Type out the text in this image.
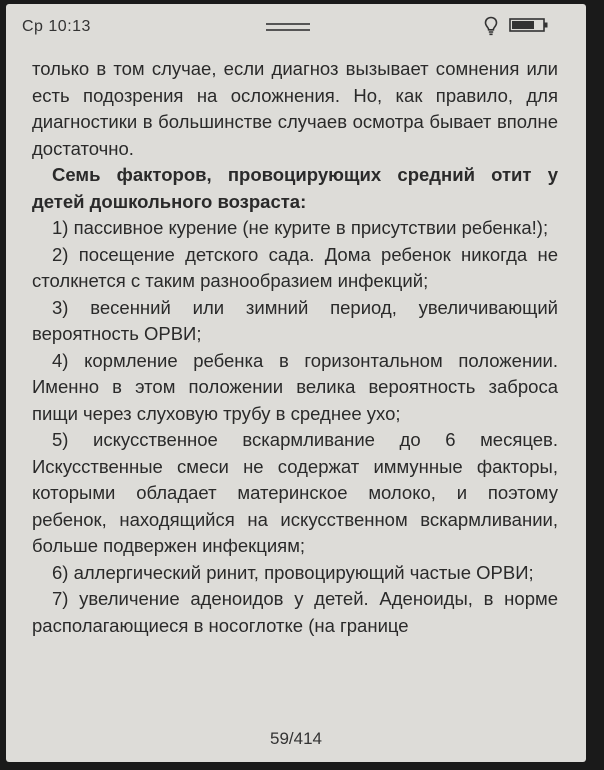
Ср 10:13

только в том случае, если диагноз вызывает сомнения или есть подозрения на осложнения. Но, как правило, для диагностики в большинстве случаев осмотра бывает вполне достаточно.

Семь факторов, провоцирующих средний отит у детей дошкольного возраста:

1) пассивное курение (не курите в присутствии ребенка!);

2) посещение детского сада. Дома ребенок никогда не столкнется с таким разнообразием инфекций;

3) весенний или зимний период, увеличивающий вероятность ОРВИ;

4) кормление ребенка в горизонтальном положении. Именно в этом положении велика вероятность заброса пищи через слуховую трубу в среднее ухо;

5) искусственное вскармливание до 6 месяцев. Искусственные смеси не содержат иммунные факторы, которыми обладает материнское молоко, и поэтому ребенок, находящийся на искусственном вскармливании, больше подвержен инфекциям;

6) аллергический ринит, провоцирующий частые ОРВИ;

7) увеличение аденоидов у детей. Аденоиды, в норме располагающиеся в носоглотке (на границе

59/414
